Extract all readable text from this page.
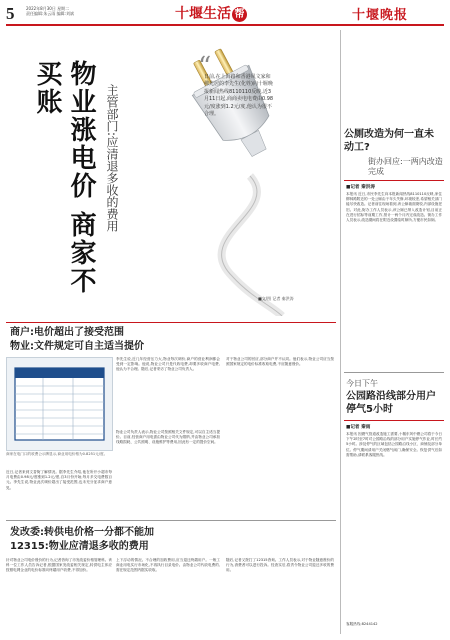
5	2022年8月30日 星期二
责任编辑:朱云雨 编辑:刘斌	十堰生活 帮	十堰晚报
物业涨电价 商家不买账	主管部门:应清退多收的费用
“
日前,在上海路和香港风文家和佛光居的李先生(化姓)向十堰晚报新闻热线8110110反映,近3月11日起,商商卖电电费由0.98元/度涨到1.2元/度,他认为很不合理。
■文/图 记者 秦洪涛
商户:电价超出了接受范围
物业:文件规定可自主适当提价
商家在电门口的收费公示牌显示,商业用电价格为0.8251元/度。
近日,记者来到文香街了解情况。据李先生介绍,他在所开小超市每月电费由0.98元/度涨到1.2元/度,自3月份开始,每月多交电费数百元。李先生说,物业此次调价超出了接受范围,也未充分征求商户意见。
李先生说,近几年经营压力大,物业每次调价,商户的营业利润都会受到一定影响。他说,物业公司只是代收电费,却要多收商户电费,他认为不合理。随后,记者采访了物业公司负责人。
物业公司负责人表示,物业公司按照相关文件规定,可以自主适当提价。目前,经营商户用电需由物业公司代为缴纳,并由物业公司承担线路损耗、公共照明、设施维护等费用,因此有一定的提价空间。
对于物业公司的回应,部分商户并不认同。他们表示,物业公司应当按照国家规定的电价标准收取电费,不应随意涨价。
发改委:转供电价格一分都不能加
12315:物业应清退多收的费用
针对物业公司电价涨价的行为,记者咨询了市发改委价格管理科。该科一位工作人员告诉记者,根据国家发改委相关规定,转供电主体应按照电网企业的电价标准向终端用户收费,不得加价。
上下浮动的情况。不合理的加收费用,应当退还终端用户。一般工商业用电实行市场化,不再执行目录电价。由物业公司代收电费的,需在规定范围内据实收取。
随后,记者又拨打了12315咨询。工作人员表示,对于物业随意涨价的行为,消费者可以进行投诉。经查实后,将责令物业公司退还多收的费用。
公厕改造为何一直未动工?
街办回应:一两内改造完成
■记者 秦洪涛
本报讯 近日,市民李先生向本报新闻热线8110110反映,家住柳林路附近的一处公厕由于年久失修,环境较差,希望相关部门能尽快改造。记者前往现场看到,该公厕墙面斑驳,内部设施老旧。对此,街办工作人员表示,该公厕已纳入改造计划,目前正在进行招标等前期工作,预计一两个月内完成改造。街办工作人员表示,改造期间将在附近设置临时厕所,方便市民如厕。
今日下午
公园路沿线部分用户停气5小时
■记者 秦雨
本报讯 因燃气管道改造施工需要,十堰东风中燃公司将于今日下午2时至7时对公园路沿线的部分用户实施停气作业,时长约5小时。涉及停气的区域包括公园路沿线小区、商铺及部分单位。停气期间请用户关闭燃气阀门,确保安全。恢复供气后如需帮助,请联系客服热线。
客服热线:8244142
